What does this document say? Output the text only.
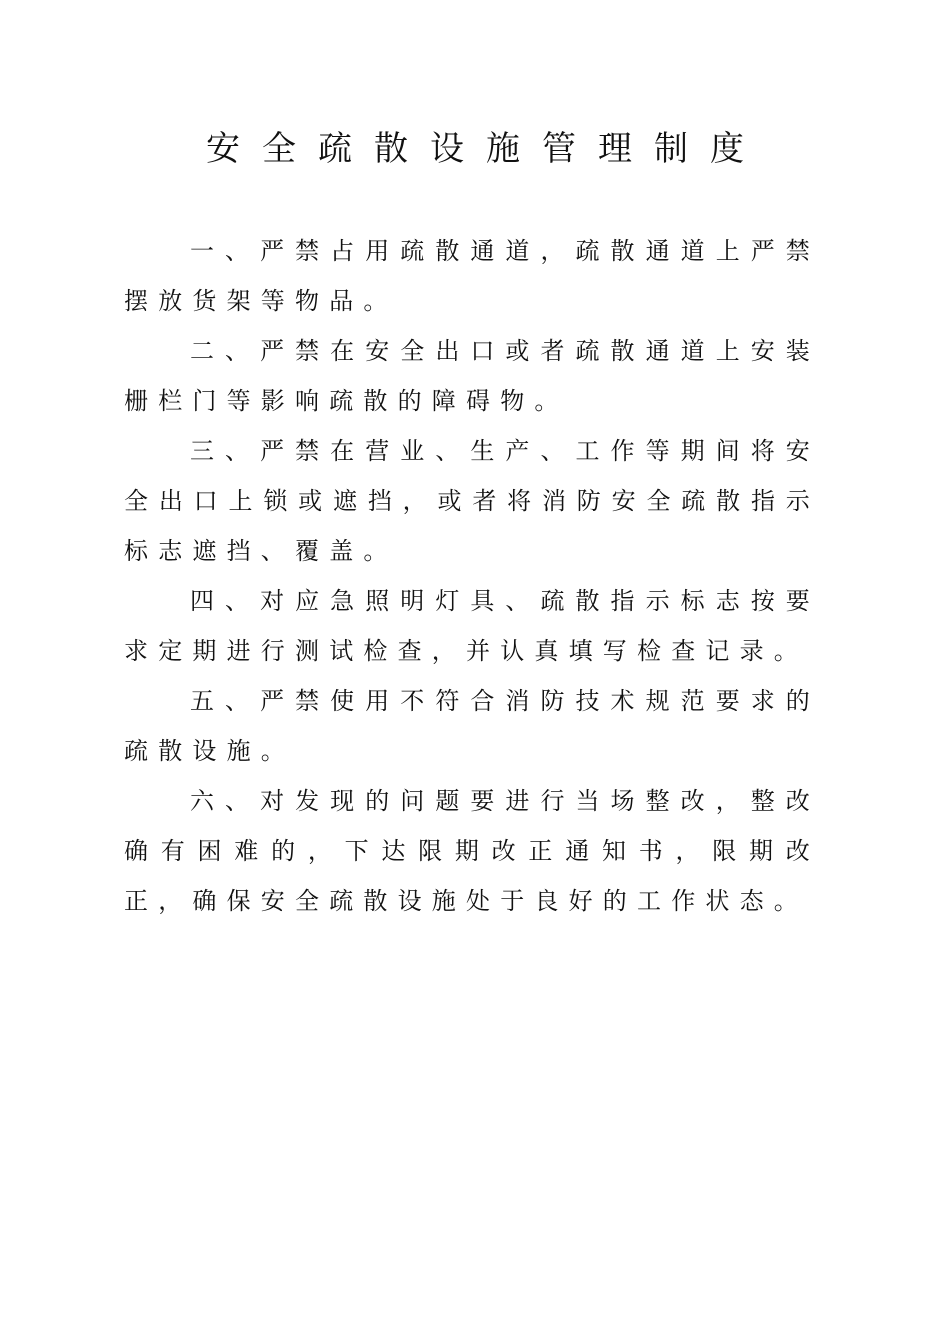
安全疏散设施管理制度

一、严禁占用疏散通道，疏散通道上严禁摆放货架等物品。

二、严禁在安全出口或者疏散通道上安装栅栏门等影响疏散的障碍物。

三、严禁在营业、生产、工作等期间将安全出口上锁或遮挡，或者将消防安全疏散指示标志遮挡、覆盖。

四、对应急照明灯具、疏散指示标志按要求定期进行测试检查，并认真填写检查记录。

五、严禁使用不符合消防技术规范要求的疏散设施。

六、对发现的问题要进行当场整改，整改确有困难的，下达限期改正通知书，限期改正，确保安全疏散设施处于良好的工作状态。
